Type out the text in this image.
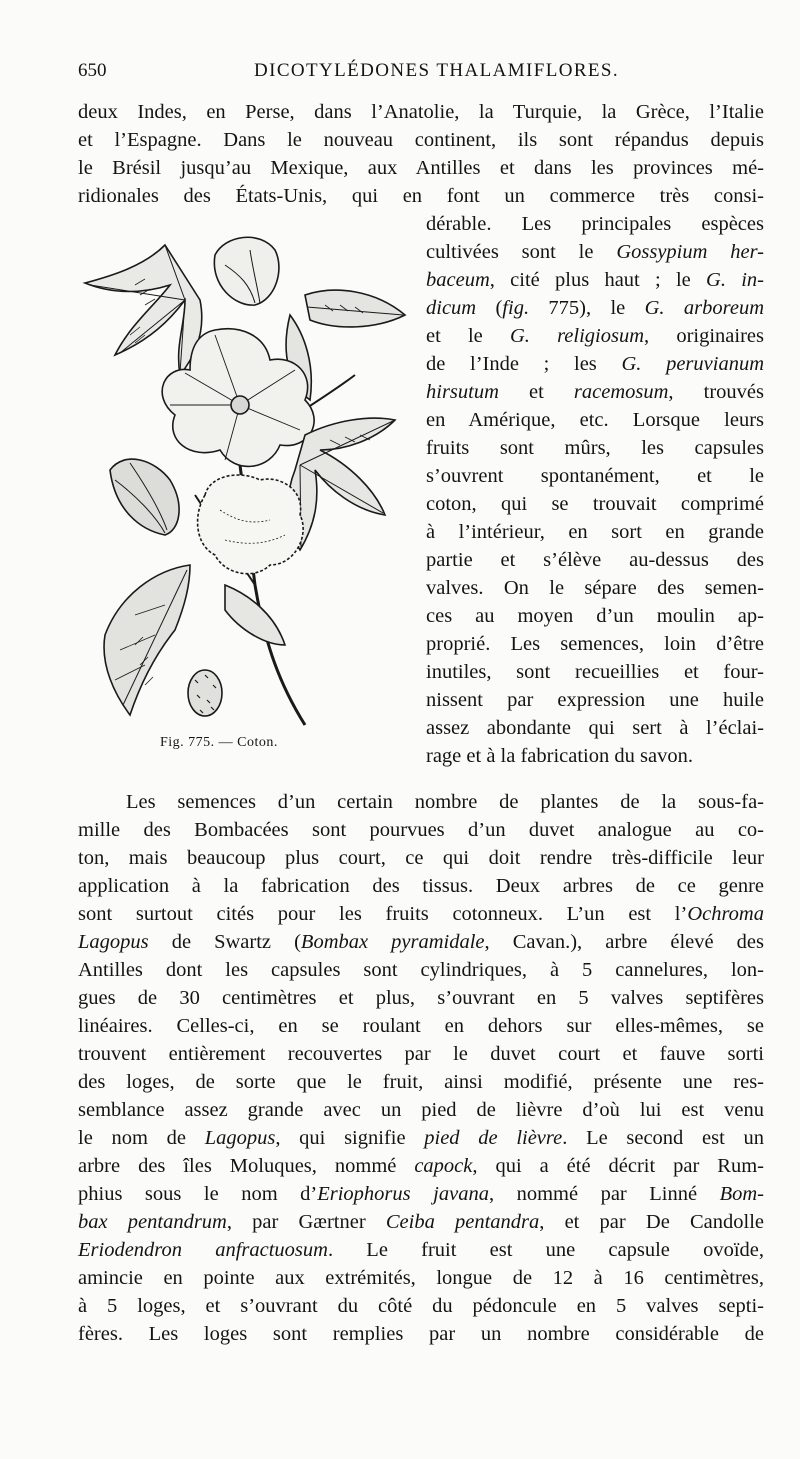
650	DICOTYLÉDONES THALAMIFLORES.
Fig. 775. — Coton.
deux Indes, en Perse, dans l’Anatolie, la Turquie, la Grèce, l’Italie
et l’Espagne. Dans le nouveau continent, ils sont répandus depuis
le Brésil jusqu’au Mexique, aux Antilles et dans les provinces mé-
ridionales des États-Unis, qui en font un commerce très consi-
dérable. Les principales espèces
cultivées sont le Gossypium her-
baceum, cité plus haut ; le G. in-
dicum (fig. 775), le G. arboreum
et le G. religiosum, originaires
de l’Inde ; les G. peruvianum
hirsutum et racemosum, trouvés
en Amérique, etc. Lorsque leurs
fruits sont mûrs, les capsules
s’ouvrent spontanément, et le
coton, qui se trouvait comprimé
à l’intérieur, en sort en grande
partie et s’élève au-dessus des
valves. On le sépare des semen-
ces au moyen d’un moulin ap-
proprié. Les semences, loin d’être
inutiles, sont recueillies et four-
nissent par expression une huile
assez abondante qui sert à l’éclai-
rage et à la fabrication du savon.
Les semences d’un certain nombre de plantes de la sous-fa-
mille des Bombacées sont pourvues d’un duvet analogue au co-
ton, mais beaucoup plus court, ce qui doit rendre très-difficile leur
application à la fabrication des tissus. Deux arbres de ce genre
sont surtout cités pour les fruits cotonneux. L’un est l’Ochroma
Lagopus de Swartz (Bombax pyramidale, Cavan.), arbre élevé des
Antilles dont les capsules sont cylindriques, à 5 cannelures, lon-
gues de 30 centimètres et plus, s’ouvrant en 5 valves septifères
linéaires. Celles-ci, en se roulant en dehors sur elles-mêmes, se
trouvent entièrement recouvertes par le duvet court et fauve sorti
des loges, de sorte que le fruit, ainsi modifié, présente une res-
semblance assez grande avec un pied de lièvre d’où lui est venu
le nom de Lagopus, qui signifie pied de lièvre. Le second est un
arbre des îles Moluques, nommé capock, qui a été décrit par Rum-
phius sous le nom d’Eriophorus javana, nommé par Linné Bom-
bax pentandrum, par Gærtner Ceiba pentandra, et par De Candolle
Eriodendron anfractuosum. Le fruit est une capsule ovoïde,
amincie en pointe aux extrémités, longue de 12 à 16 centimètres,
à 5 loges, et s’ouvrant du côté du pédoncule en 5 valves septi-
fères. Les loges sont remplies par un nombre considérable de
